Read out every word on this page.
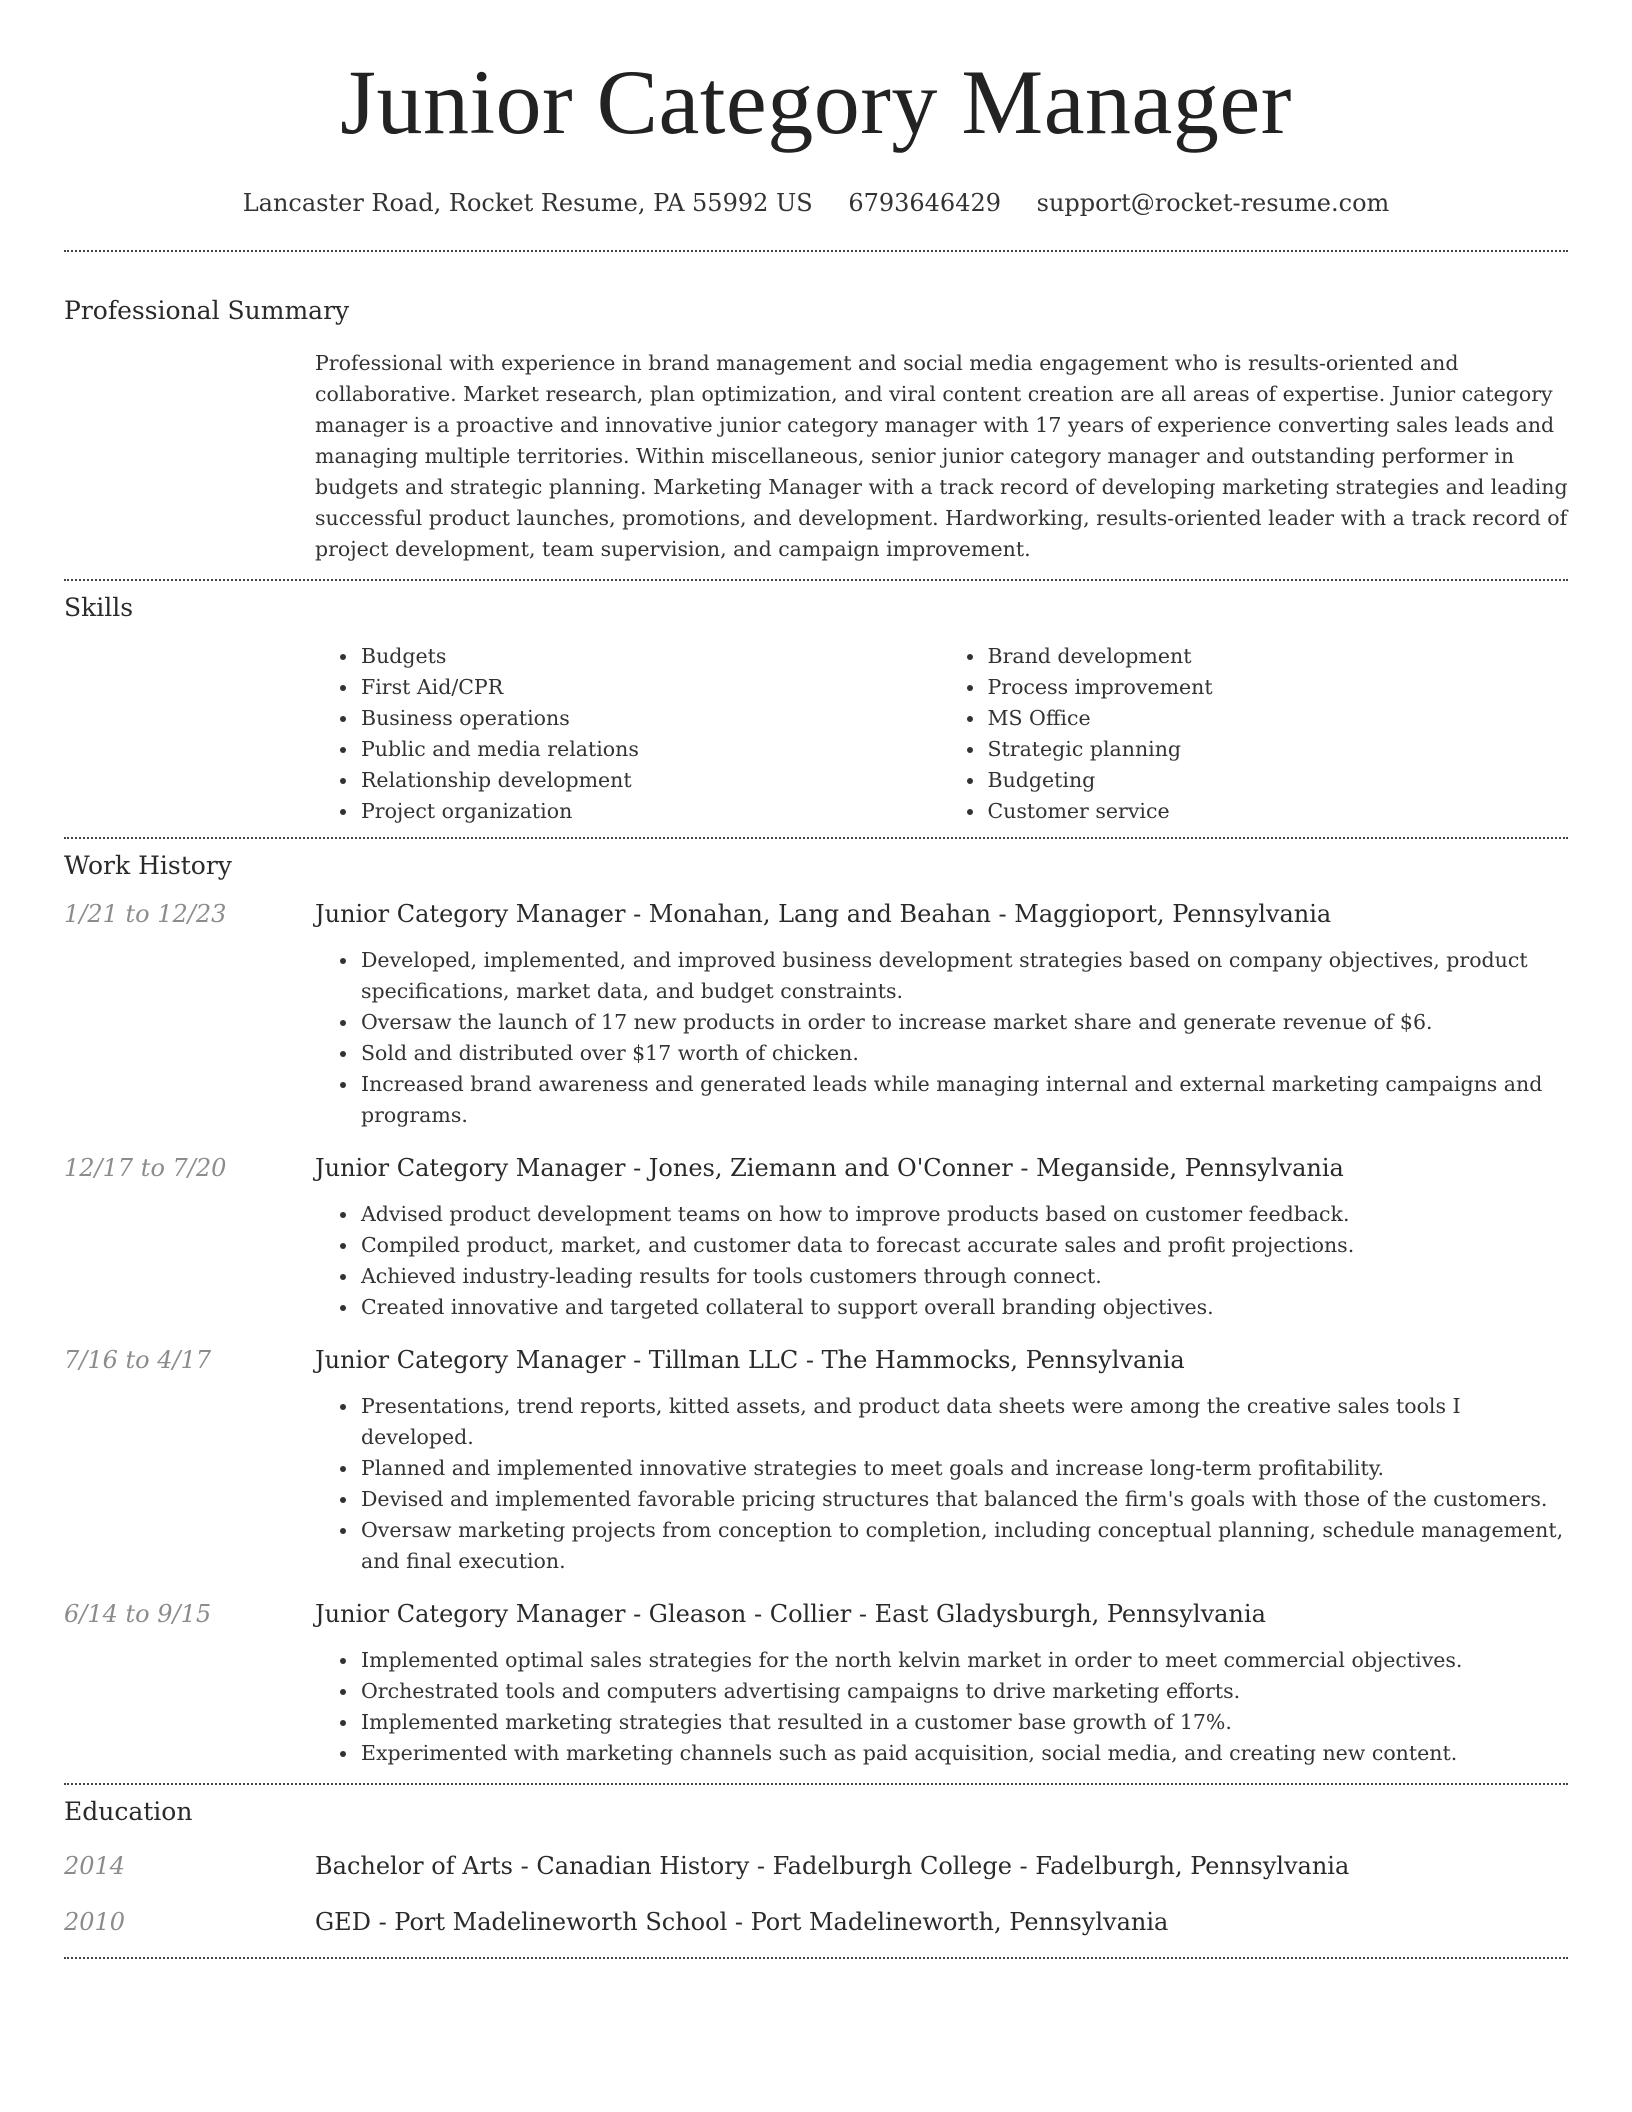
Junior Category Manager
Lancaster Road, Rocket Resume, PA 55992 US 6793646429 support@rocket-resume.com
Professional Summary
Professional with experience in brand management and social media engagement who is results-oriented and collaborative. Market research, plan optimization, and viral content creation are all areas of expertise. Junior category manager is a proactive and innovative junior category manager with 17 years of experience converting sales leads and managing multiple territories. Within miscellaneous, senior junior category manager and outstanding performer in budgets and strategic planning. Marketing Manager with a track record of developing marketing strategies and leading successful product launches, promotions, and development. Hardworking, results-oriented leader with a track record of project development, team supervision, and campaign improvement.
Skills
• Budgets
• First Aid/CPR
• Business operations
• Public and media relations
• Relationship development
• Project organization
• Brand development
• Process improvement
• MS Office
• Strategic planning
• Budgeting
• Customer service
Work History
1/21 to 12/23	Junior Category Manager - Monahan, Lang and Beahan - Maggioport, Pennsylvania
• Developed, implemented, and improved business development strategies based on company objectives, product specifications, market data, and budget constraints.
• Oversaw the launch of 17 new products in order to increase market share and generate revenue of $6.
• Sold and distributed over $17 worth of chicken.
• Increased brand awareness and generated leads while managing internal and external marketing campaigns and programs.
12/17 to 7/20	Junior Category Manager - Jones, Ziemann and O'Conner - Meganside, Pennsylvania
• Advised product development teams on how to improve products based on customer feedback.
• Compiled product, market, and customer data to forecast accurate sales and profit projections.
• Achieved industry-leading results for tools customers through connect.
• Created innovative and targeted collateral to support overall branding objectives.
7/16 to 4/17	Junior Category Manager - Tillman LLC - The Hammocks, Pennsylvania
• Presentations, trend reports, kitted assets, and product data sheets were among the creative sales tools I developed.
• Planned and implemented innovative strategies to meet goals and increase long-term profitability.
• Devised and implemented favorable pricing structures that balanced the firm's goals with those of the customers.
• Oversaw marketing projects from conception to completion, including conceptual planning, schedule management, and final execution.
6/14 to 9/15	Junior Category Manager - Gleason - Collier - East Gladysburgh, Pennsylvania
• Implemented optimal sales strategies for the north kelvin market in order to meet commercial objectives.
• Orchestrated tools and computers advertising campaigns to drive marketing efforts.
• Implemented marketing strategies that resulted in a customer base growth of 17%.
• Experimented with marketing channels such as paid acquisition, social media, and creating new content.
Education
2014	Bachelor of Arts - Canadian History - Fadelburgh College - Fadelburgh, Pennsylvania
2010	GED - Port Madelineworth School - Port Madelineworth, Pennsylvania
